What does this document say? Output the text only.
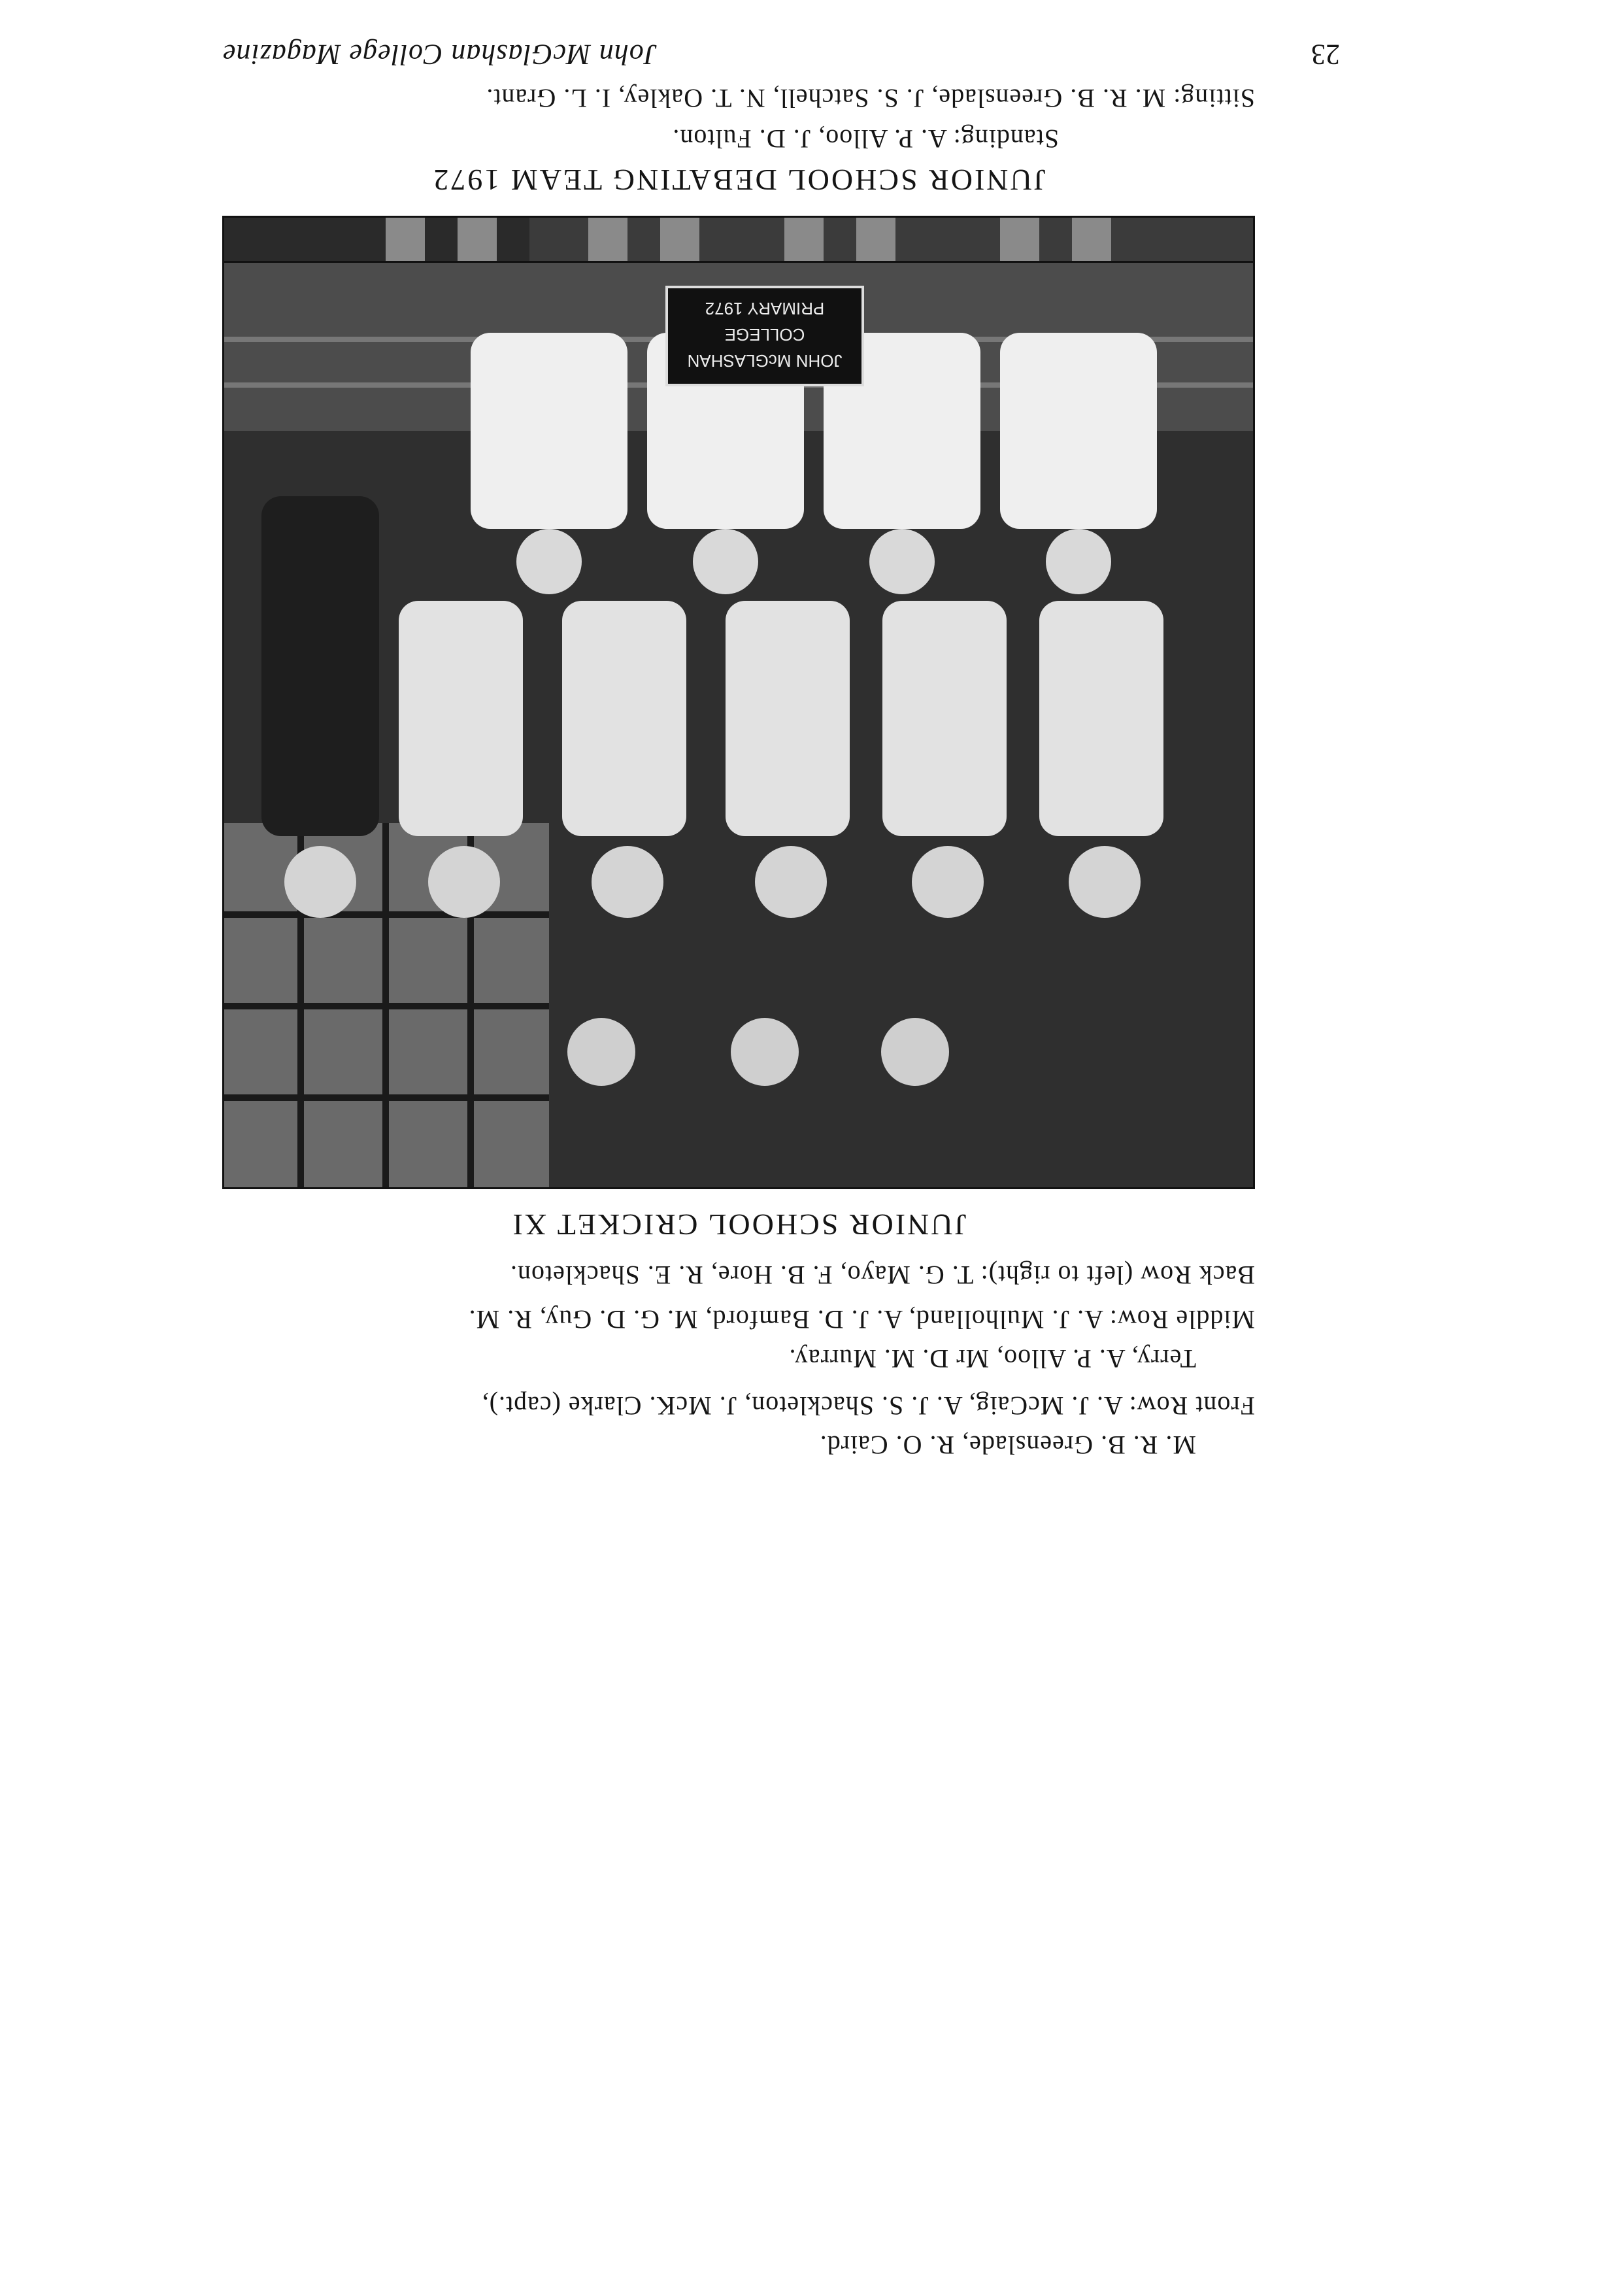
JUNIOR SCHOOL DEBATING TEAM 1972
Standing: A. P. Alloo, J. D. Fulton.
Sitting: M. R. B. Greenslade, J. S. Satchell, N. T. Oakley, I. L. Grant.
JOHN McGLASHAN
COLLEGE
PRIMARY 1972
JUNIOR SCHOOL CRICKET XI
Back Row (left to right): T. G. Mayo, F. B. Hore, R. E. Shackleton.
Middle Row: A. J. Mulholland, A. J. D. Bamford, M. G. D. Guy, R. M.
Terry, A. P. Alloo, Mr D. M. Murray.
Front Row: A. J. McCaig, A. J. S. Shackleton, J. McK. Clarke (capt.),
M. R. B. Greenslade, R. O. Caird.
23
John McGlashan College Magazine
